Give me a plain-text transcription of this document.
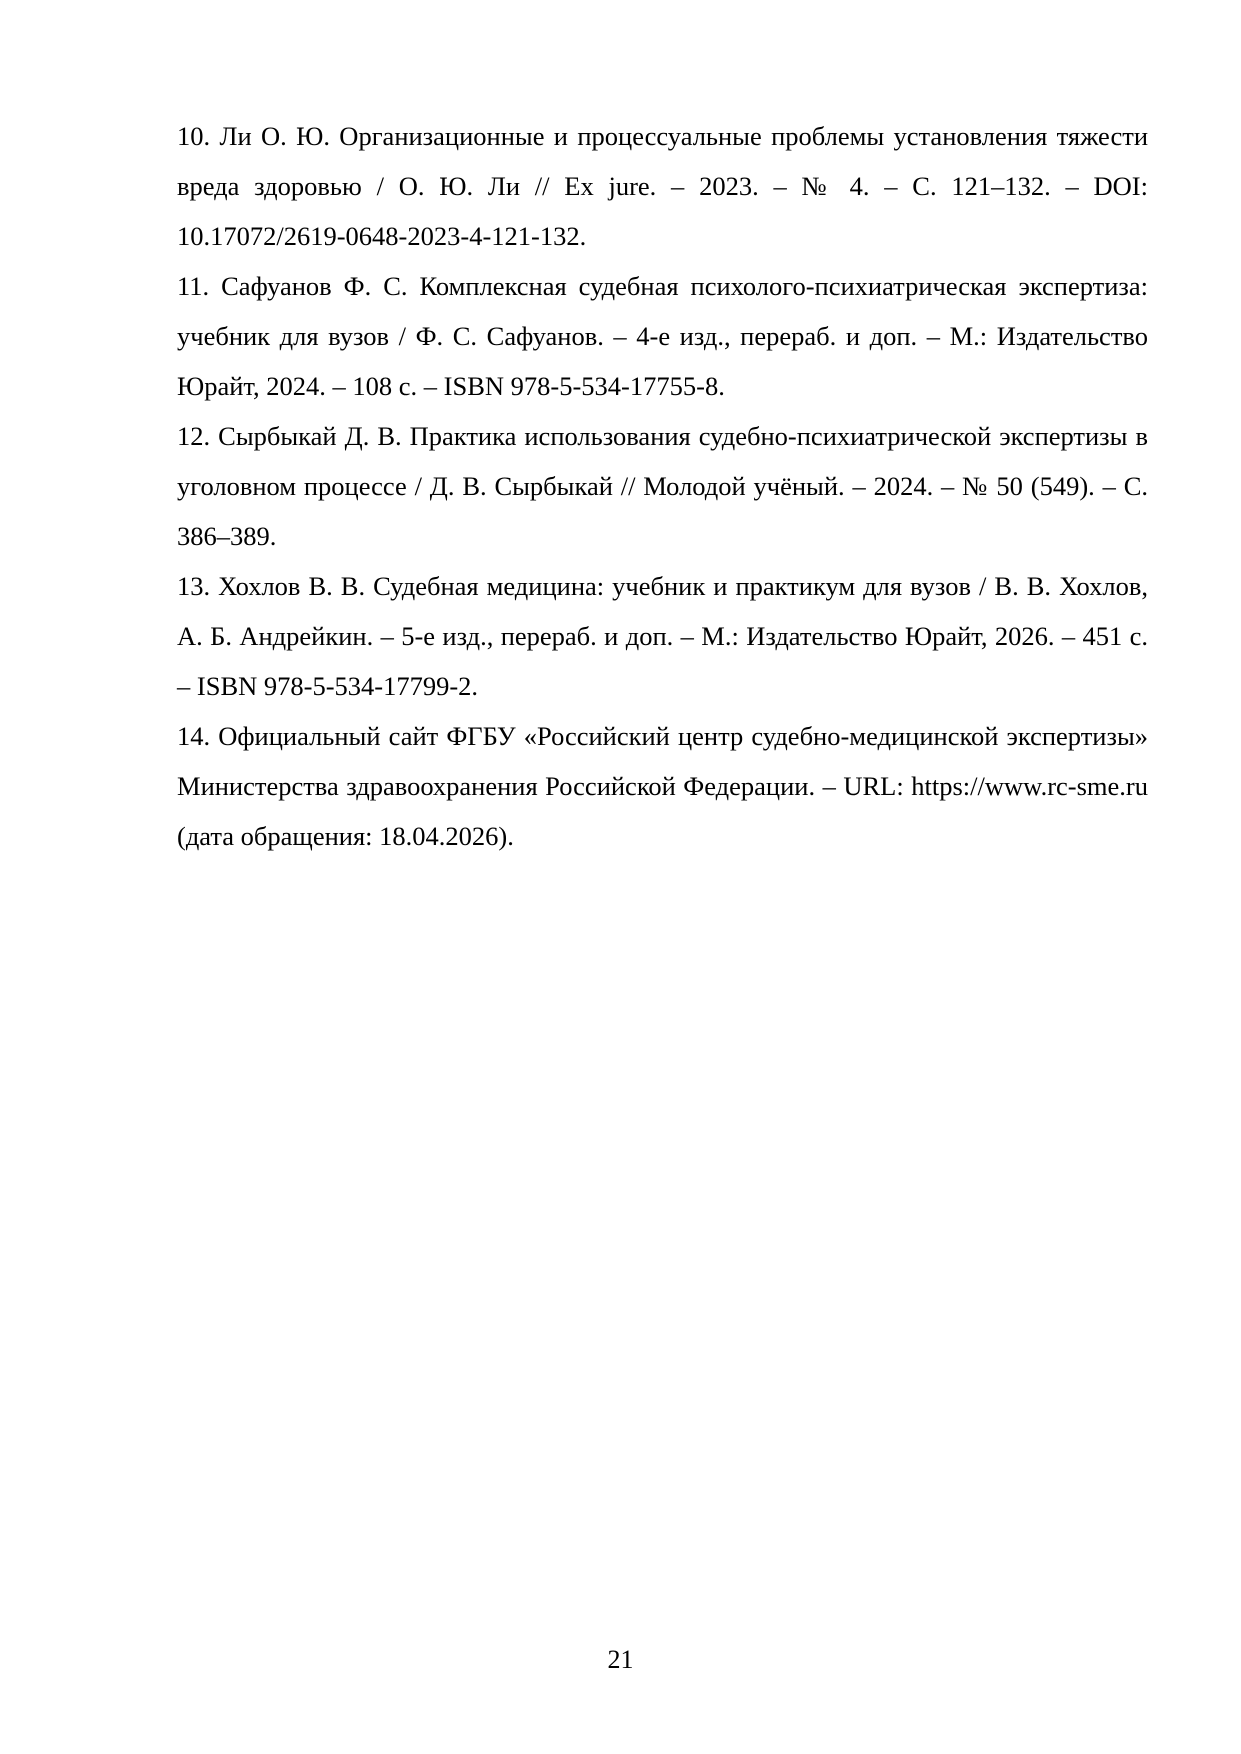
10. Ли О. Ю. Организационные и процессуальные проблемы установления тяжести вреда здоровью / О. Ю. Ли // Ex jure. – 2023. – № 4. – С. 121–132. – DOI: 10.17072/2619-0648-2023-4-121-132.

11. Сафуанов Ф. С. Комплексная судебная психолого-психиатрическая экспертиза: учебник для вузов / Ф. С. Сафуанов. – 4-е изд., перераб. и доп. – М.: Издательство Юрайт, 2024. – 108 с. – ISBN 978-5-534-17755-8.

12. Сырбыкай Д. В. Практика использования судебно-психиатрической экспертизы в уголовном процессе / Д. В. Сырбыкай // Молодой учёный. – 2024. – № 50 (549). – С. 386–389.

13. Хохлов В. В. Судебная медицина: учебник и практикум для вузов / В. В. Хохлов, А. Б. Андрейкин. – 5-е изд., перераб. и доп. – М.: Издательство Юрайт, 2026. – 451 с. – ISBN 978-5-534-17799-2.

14. Официальный сайт ФГБУ «Российский центр судебно-медицинской экспертизы» Министерства здравоохранения Российской Федерации. – URL: https://www.rc-sme.ru (дата обращения: 18.04.2026).

21
